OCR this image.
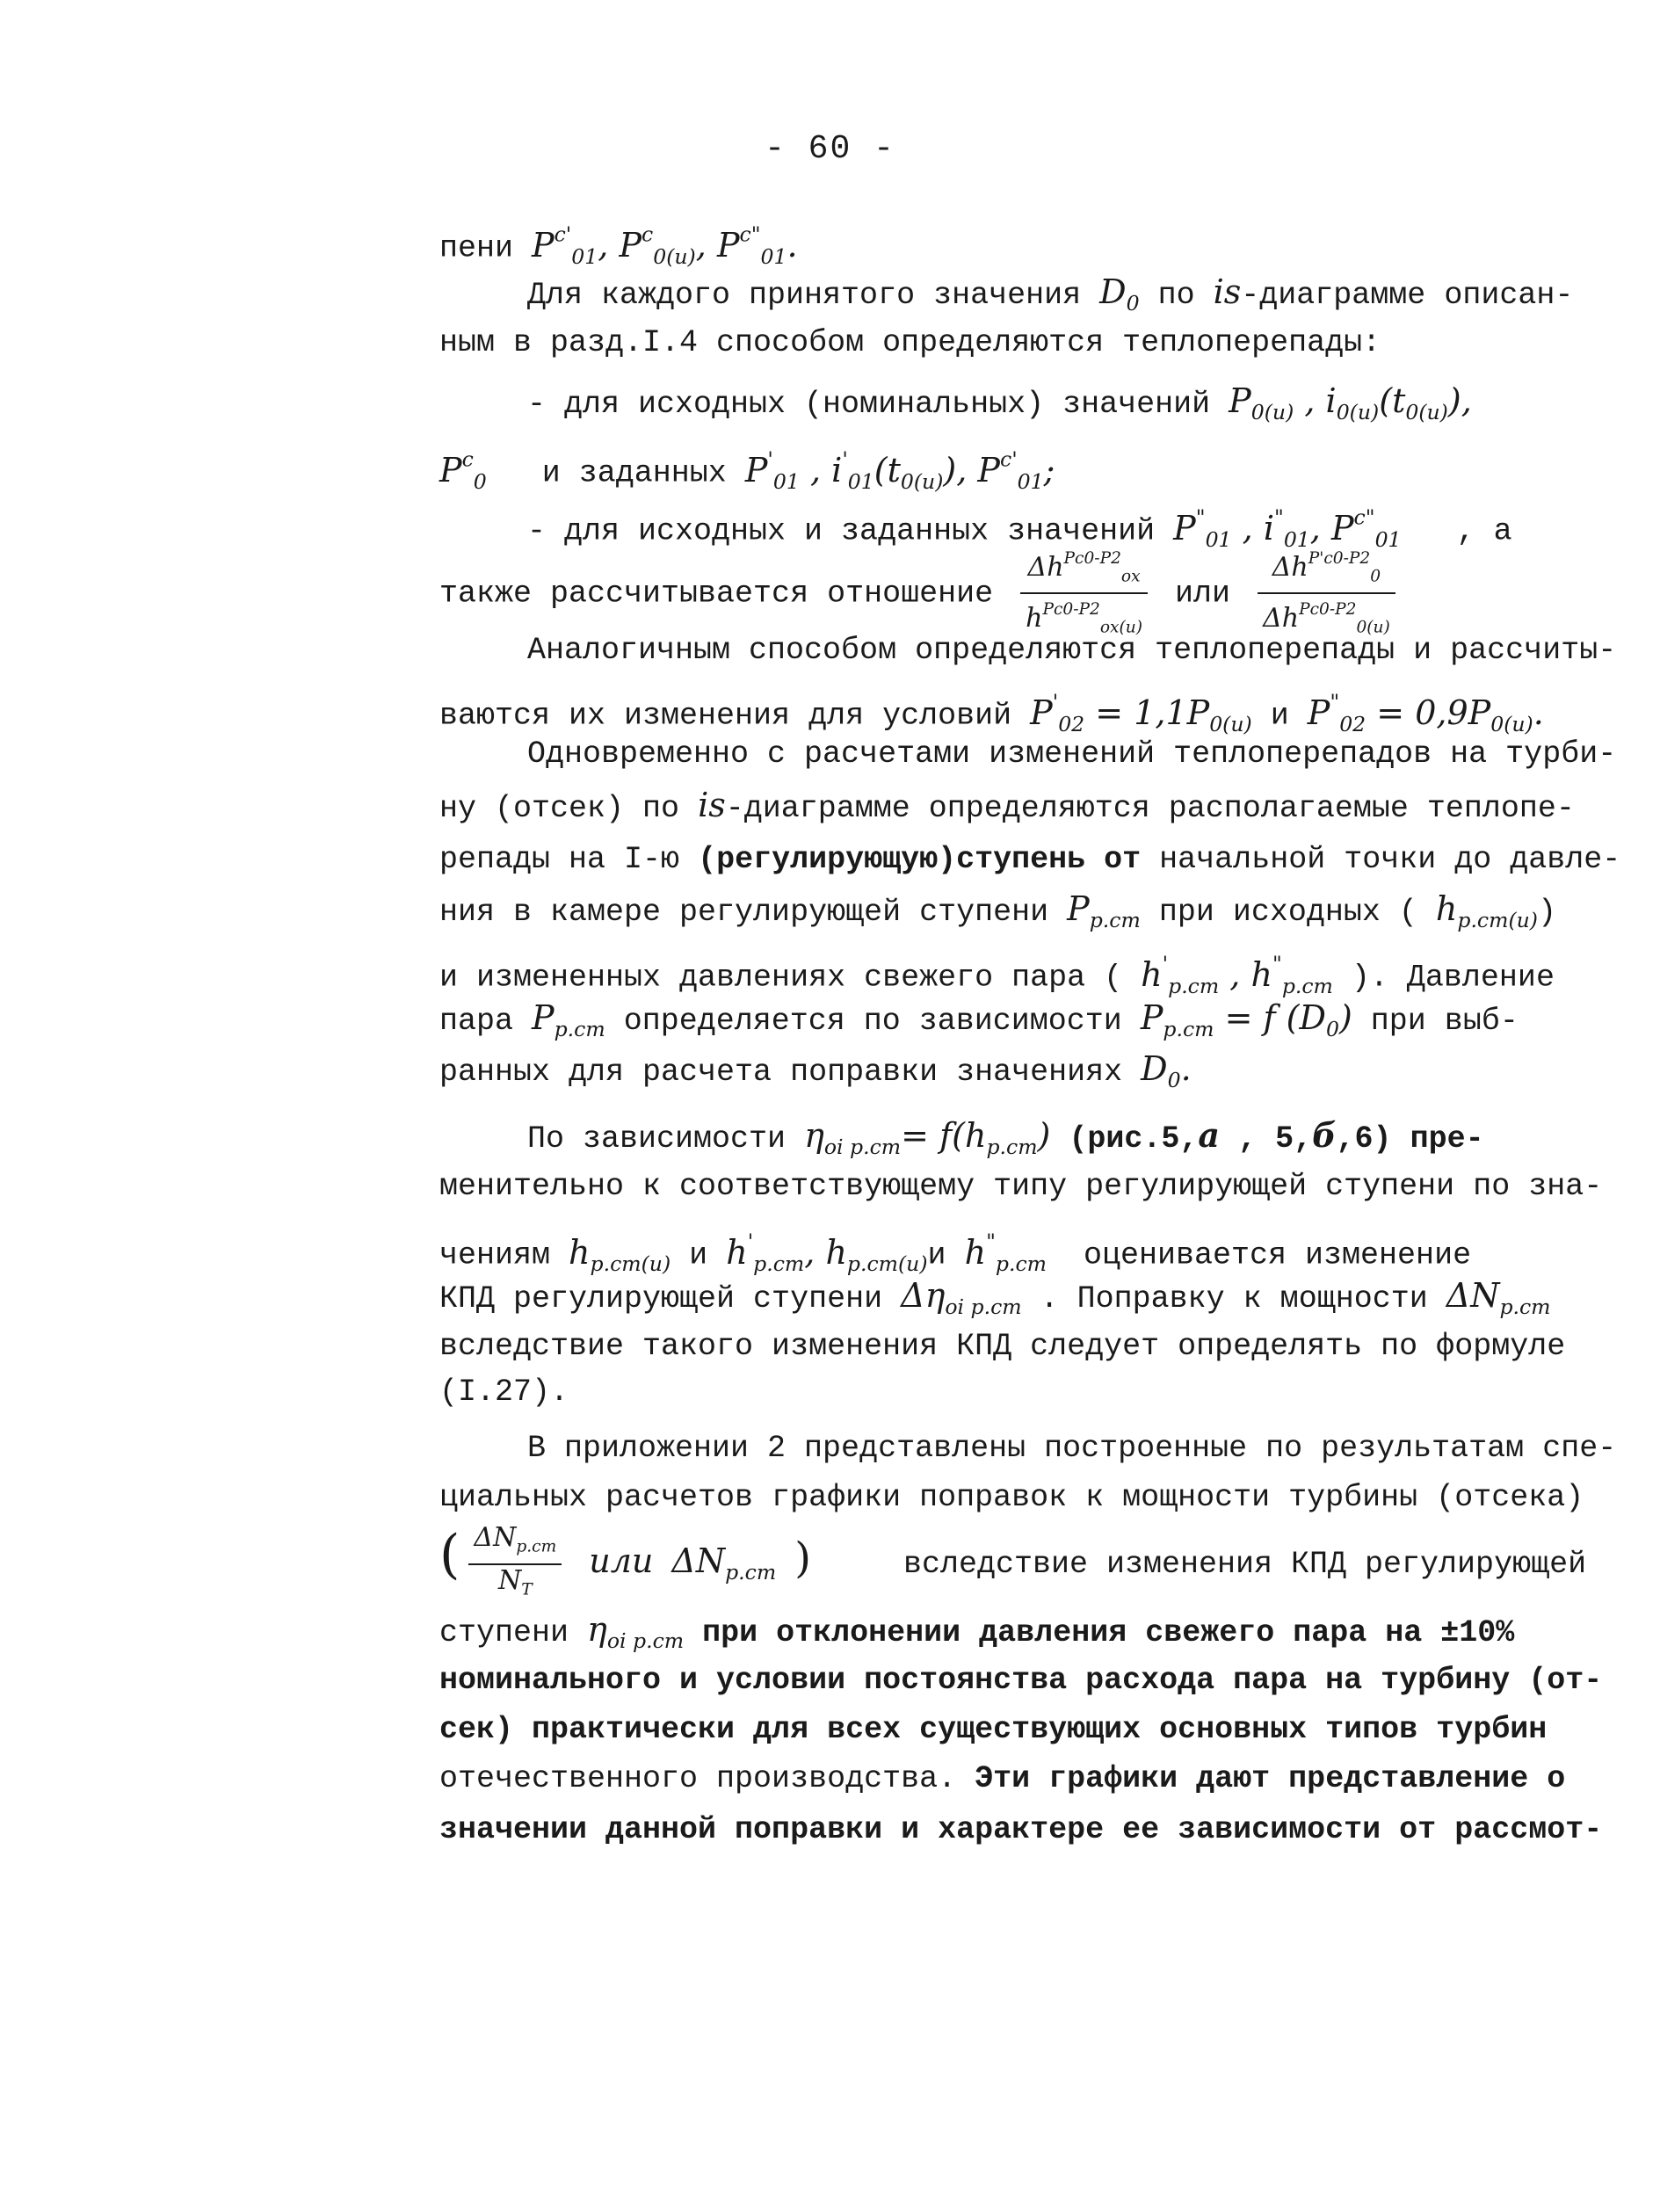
- 60 -
пени $P^{c'}_{01}$, $P^c_{0(и)}$, $P^{c"}_{01}$.
Для каждого принятого значения $D_0$ по is-диаграмме описан-
ным в разд.I.4 способом определяются теплоперепады:
- для исходных (номинальных) значений $P_{0(и)}$ , $i_{0(и)}(t_{0(и)})$,
$P^c_0$ и заданных $P'_{01}$ , $i'_{01}(t_{0(и)})$, $P^{c'}_{01}$;
- для исходных и заданных значений $P^"_{01}$ , $i^"_{01}$, $P^{c"}_{01}$ , а
также рассчитывается отношение $\frac{\Delta h^{Pc0-P2}_{ox}}{h^{Pc0-P2}_{ox(и)}}$ или $\frac{\Delta h^{P'c0-P2}_0}{\Delta h^{Pc0-P2}_{0(и)}}$
Аналогичным способом определяются теплоперепады и рассчиты-
ваются их изменения для условий $P'_{02} = 1,1P_{0(и)}$ и $P^"_{02} = 0,9P_{0(и)}$.
Одновременно с расчетами изменений теплоперепадов на турби-
ну (отсек) по is-диаграмме определяются располагаемые теплопе-
репады на I-ю (регулирующую)ступень от начальной точки до давле-
ния в камере регулирующей ступени $P_{р.ст}$ при исходных ( $h_{р.ст(и)}$)
и измененных давлениях свежего пара ( $h'_{р.ст}$ , $h^"_{р.ст}$ ). Давление
пара $P_{р.ст}$ определяется по зависимости $P_{р.ст} = f$ $(D_0)$ при выб-
ранных для расчета поправки значениях $D_0$.
По зависимости $\eta_{oi р.ст}= f(h_{р.ст})$ (рис.5,а , 5,б,6) пре-
менительно к соответствующему типу регулирующей ступени по зна-
чениям $h_{р.ст(и)}$ и $h'_{р.ст}$, $h_{р.ст(и)}и$ $h^"_{р.ст}$ оценивается изменение
КПД регулирующей ступени $\Delta\eta_{oi р.ст}$ . Поправку к мощности $\Delta N_{р.ст}$
вследствие такого изменения КПД следует определять по формуле
(I.27).
В приложении 2 представлены построенные по результатам спе-
циальных расчетов графики поправок к мощности турбины (отсека)
( $\frac{\Delta N_{р.ст}}{N_T}$ или $\Delta N_{р.ст}$ )	вследствие изменения КПД регулирующей
ступени $\eta_{oi р.ст}$ при отклонении давления свежего пара на ±10%
номинального и условии постоянства расхода пара на турбину (от-
сек) практически для всех существующих основных типов турбин
отечественного производства. Эти графики дают представление о
значении данной поправки и характере ее зависимости от рассмот-
